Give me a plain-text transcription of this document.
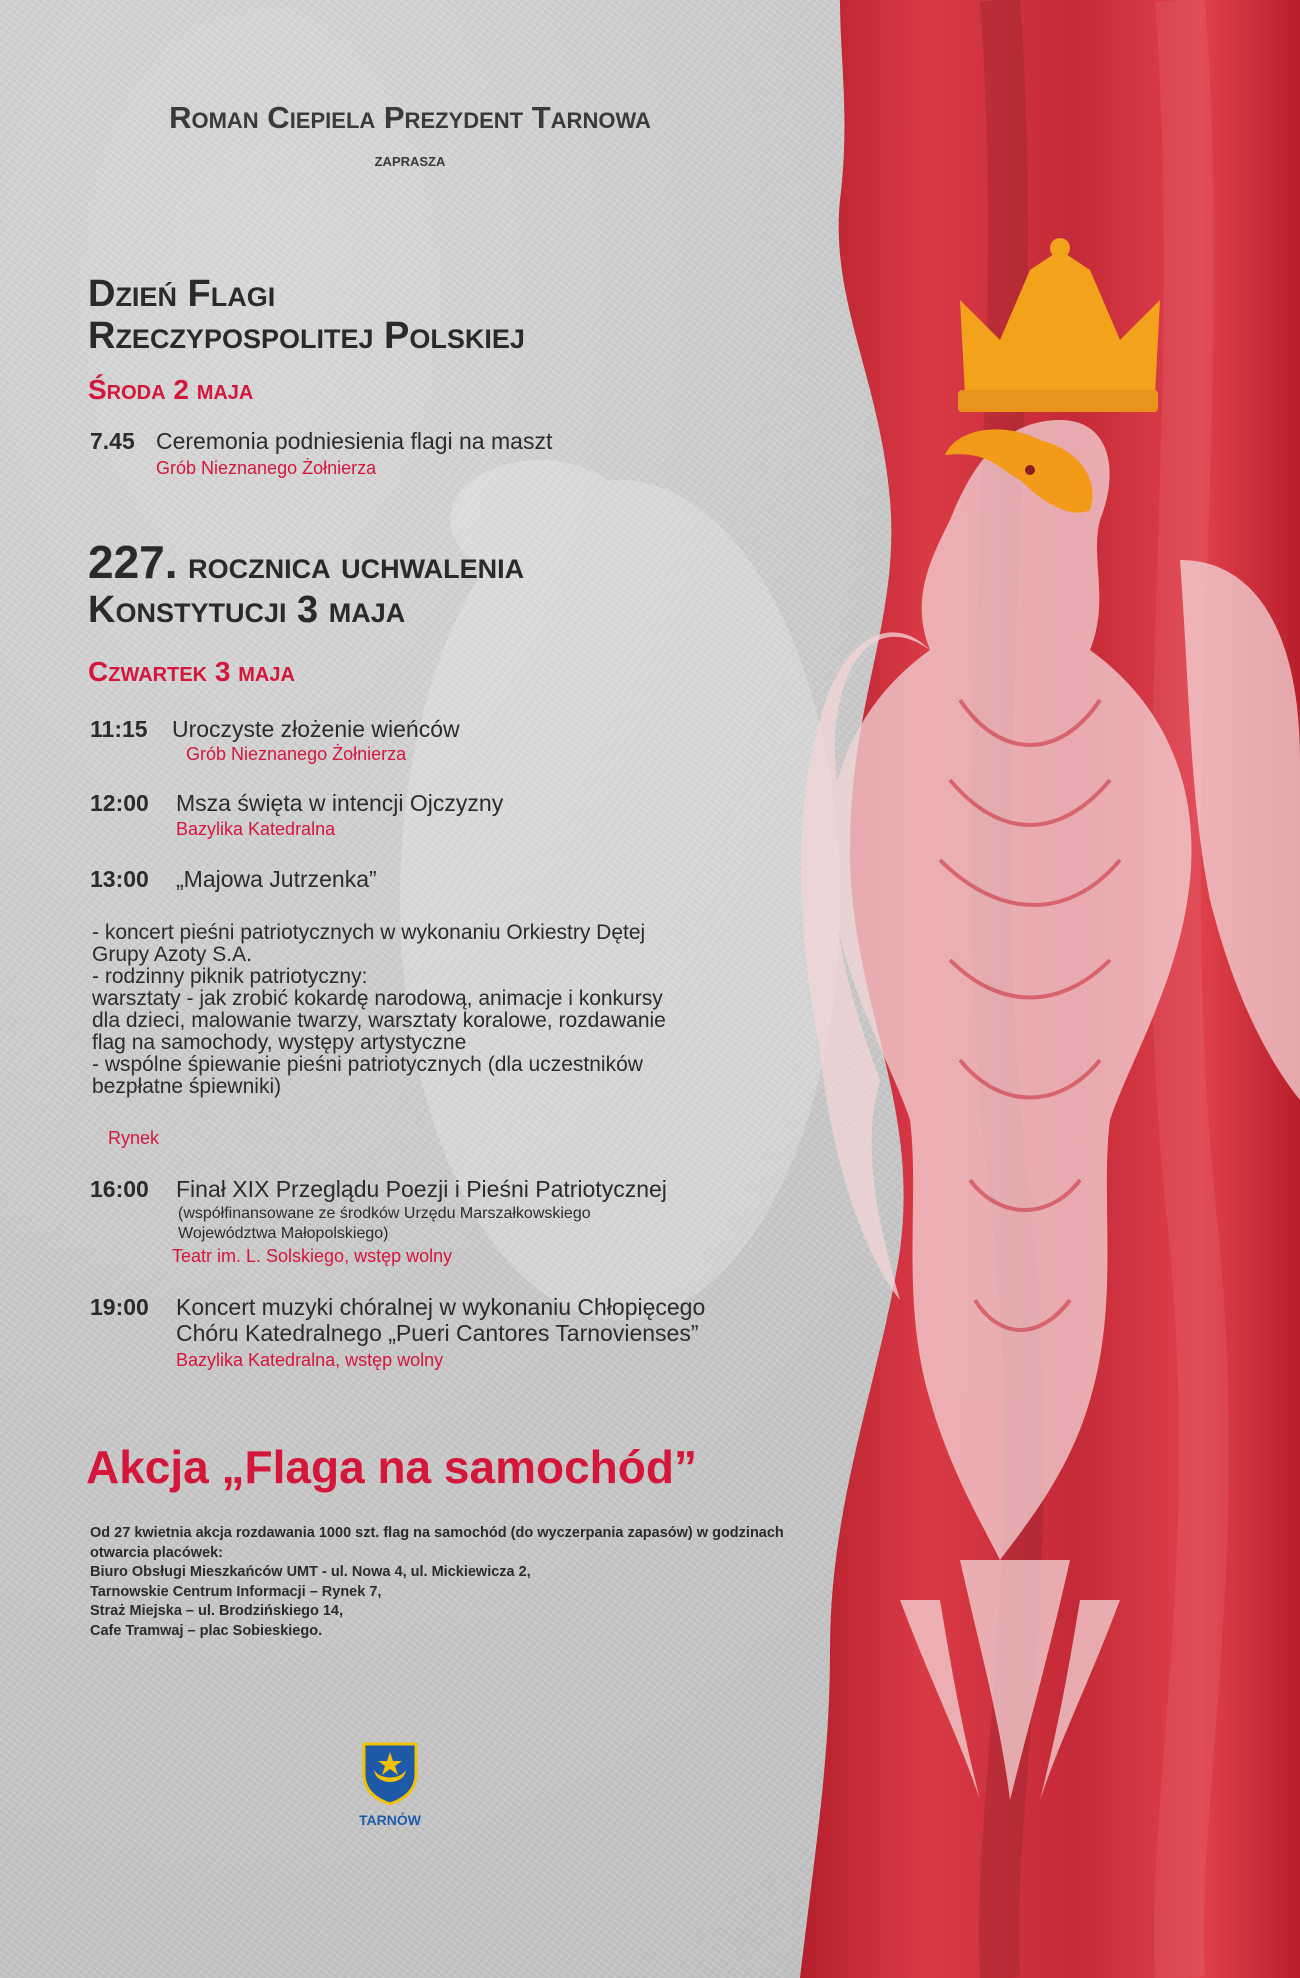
Roman Ciepiela Prezydent Tarnowa
zaprasza
Dzień Flagi
Rzeczypospolitej Polskiej
Środa 2 maja
7.45 Ceremonia podniesienia flagi na maszt
Grób Nieznanego Żołnierza
227. rocznica uchwalenia
Konstytucji 3 maja
Czwartek 3 maja
11:15 Uroczyste złożenie wieńców
Grób Nieznanego Żołnierza
12:00 Msza święta w intencji Ojczyzny
Bazylika Katedralna
13:00 „Majowa Jutrzenka”
- koncert pieśni patriotycznych w wykonaniu Orkiestry Dętej
Grupy Azoty S.A.
- rodzinny piknik patriotyczny:
warsztaty - jak zrobić kokardę narodową, animacje i konkursy
dla dzieci, malowanie twarzy, warsztaty koralowe, rozdawanie
flag na samochody, występy artystyczne
- wspólne śpiewanie pieśni patriotycznych (dla uczestników
bezpłatne śpiewniki)
Rynek
16:00 Finał XIX Przeglądu Poezji i Pieśni Patriotycznej
(współfinansowane ze środków Urzędu Marszałkowskiego
Województwa Małopolskiego)
Teatr im. L. Solskiego, wstęp wolny
19:00 Koncert muzyki chóralnej w wykonaniu Chłopięcego
Chóru Katedralnego „Pueri Cantores Tarnovienses”
Bazylika Katedralna, wstęp wolny
Akcja „Flaga na samochód”
Od 27 kwietnia akcja rozdawania 1000 szt. flag na samochód (do wyczerpania zapasów) w godzinach
otwarcia placówek:
Biuro Obsługi Mieszkańców UMT - ul. Nowa 4, ul. Mickiewicza 2,
Tarnowskie Centrum Informacji – Rynek 7,
Straż Miejska – ul. Brodzińskiego 14,
Cafe Tramwaj – plac Sobieskiego.
TARNÓW
